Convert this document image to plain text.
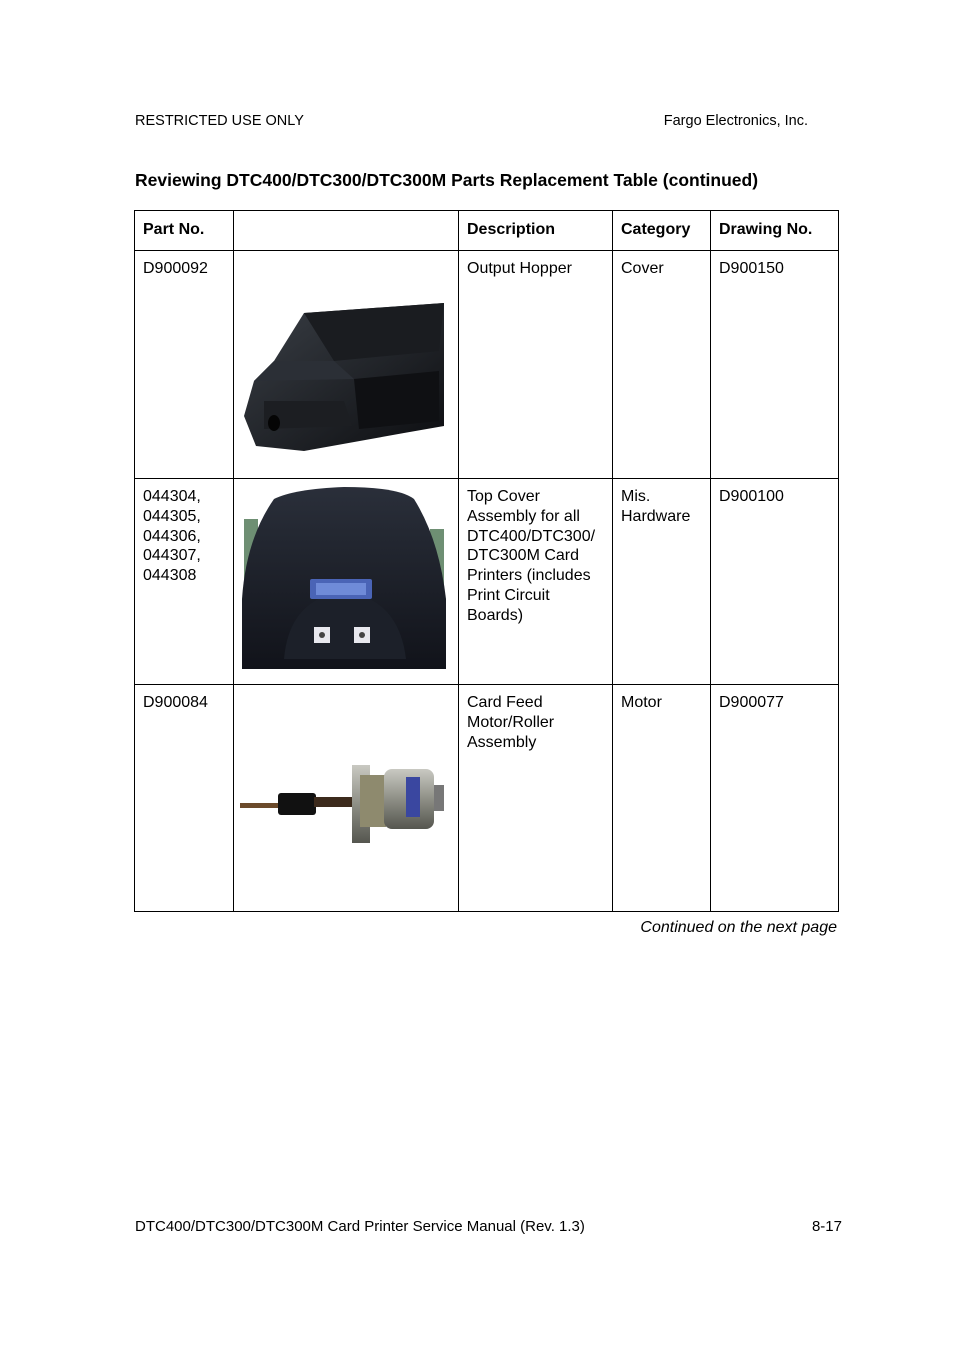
RESTRICTED USE ONLY	Fargo Electronics, Inc.
Reviewing DTC400/DTC300/DTC300M Parts Replacement Table (continued)
Part No.		Description	Category	Drawing No.
D900092		Output Hopper	Cover	D900150
044304,
044305,
044306,
044307,
044308		Top Cover Assembly for all DTC400/DTC300/ DTC300M Card Printers (includes Print Circuit Boards)	Mis. Hardware	D900100
D900084		Card Feed Motor/Roller Assembly	Motor	D900077
Continued on the next page
DTC400/DTC300/DTC300M Card Printer Service Manual (Rev. 1.3)	8-17
